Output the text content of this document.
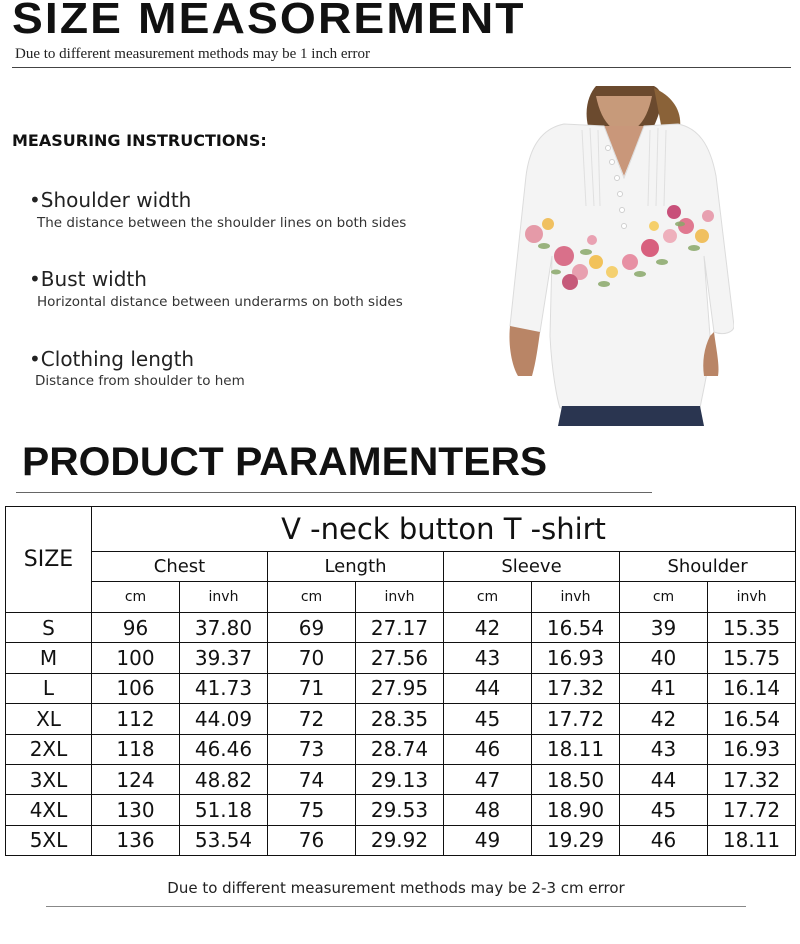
SIZE MEASOREMENT
Due to different measurement methods may be 1 inch error
MEASURING INSTRUCTIONS:
•Shoulder width
The distance between the shoulder lines on both sides
•Bust width
Horizontal distance between underarms on both sides
•Clothing length
Distance from shoulder to hem
PRODUCT PARAMENTERS
SIZE	V -neck button T -shirt							
	Chest		Length		Sleeve		Shoulder	
	cm	invh	cm	invh	cm	invh	cm	invh
S	96	37.80	69	27.17	42	16.54	39	15.35
M	100	39.37	70	27.56	43	16.93	40	15.75
L	106	41.73	71	27.95	44	17.32	41	16.14
XL	112	44.09	72	28.35	45	17.72	42	16.54
2XL	118	46.46	73	28.74	46	18.11	43	16.93
3XL	124	48.82	74	29.13	47	18.50	44	17.32
4XL	130	51.18	75	29.53	48	18.90	45	17.72
5XL	136	53.54	76	29.92	49	19.29	46	18.11
Due to different measurement methods may be 2-3 cm error
